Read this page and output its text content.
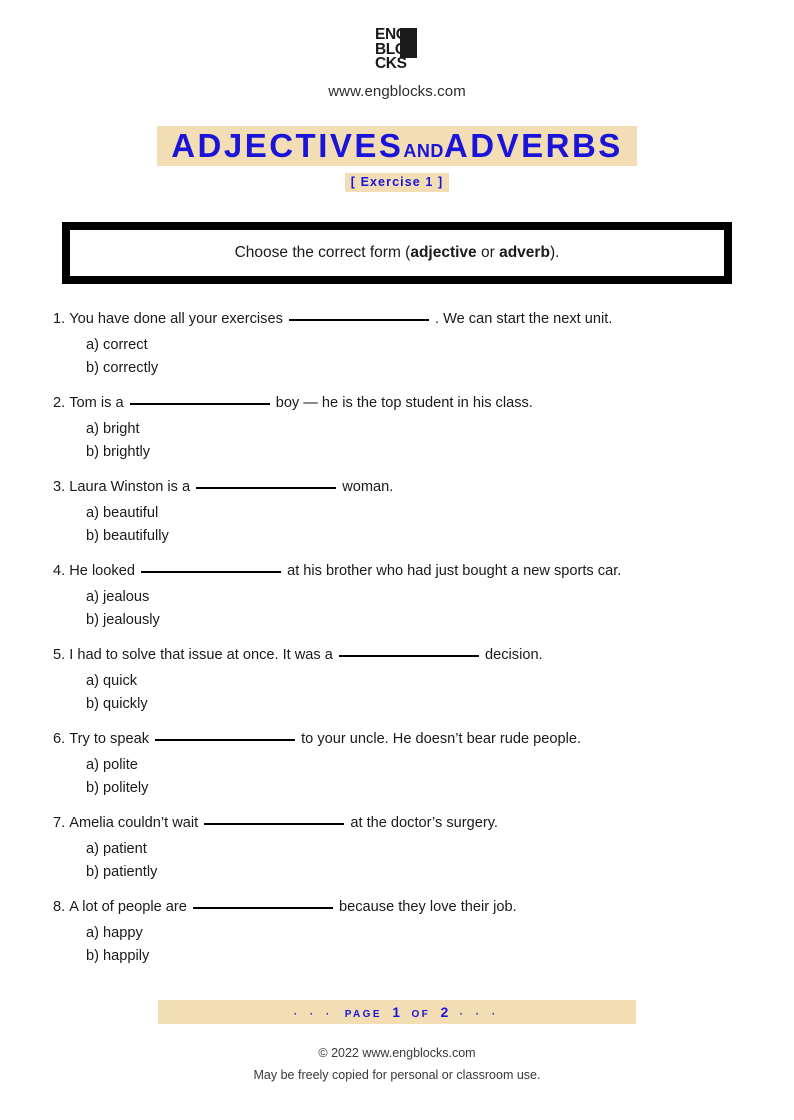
ENG
BLO
CKS
www.engblocks.com
ADJECTIVESANDADVERBS
[ Exercise 1 ]
Choose the correct form (adjective or adverb).
1. You have done all your exercises	. We can start the next unit.
a) correct
b) correctly
2. Tom is a	boy — he is the top student in his class.
a) bright
b) brightly
3. Laura Winston is a	woman.
a) beautiful
b) beautifully
4. He looked	at his brother who had just bought a new sports car.
a) jealous
b) jealously
5. I had to solve that issue at once. It was a	decision.
a) quick
b) quickly
6. Try to speak	to your uncle. He doesn’t bear rude people.
a) polite
b) politely
7. Amelia couldn’t wait	at the doctor’s surgery.
a) patient
b) patiently
8. A lot of people are	because they love their job.
a) happy
b) happily
· · · PAGE 1 OF 2 · · ·
© 2022 www.engblocks.com
May be freely copied for personal or classroom use.
